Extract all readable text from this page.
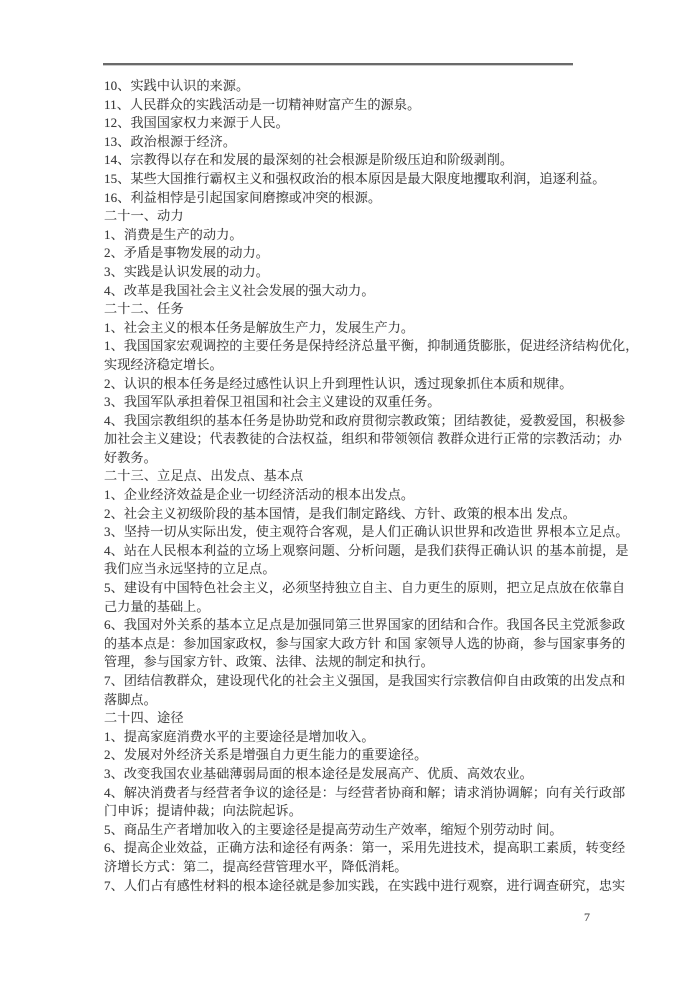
10、实践中认识的来源。
11、人民群众的实践活动是一切精神财富产生的源泉。
12、我国国家权力来源于人民。
13、政治根源于经济。
14、宗教得以存在和发展的最深刻的社会根源是阶级压迫和阶级剥削。
15、某些大国推行霸权主义和强权政治的根本原因是最大限度地攫取利润，追逐利益。
16、利益相悖是引起国家间磨擦或冲突的根源。
二十一、动力
1、消费是生产的动力。
2、矛盾是事物发展的动力。
3、实践是认识发展的动力。
4、改革是我国社会主义社会发展的强大动力。
二十二、任务
1、社会主义的根本任务是解放生产力，发展生产力。
1、我国国家宏观调控的主要任务是保持经济总量平衡，抑制通货膨胀，促进经济结构优化，
实现经济稳定增长。
2、认识的根本任务是经过感性认识上升到理性认识，透过现象抓住本质和规律。
3、我国军队承担着保卫祖国和社会主义建设的双重任务。
4、我国宗教组织的基本任务是协助党和政府贯彻宗教政策；团结教徒，爱教爱国，积极参
加社会主义建设；代表教徒的合法权益，组织和带领领信 教群众进行正常的宗教活动；办
好教务。
二十三、立足点、出发点、基本点
1、企业经济效益是企业一切经济活动的根本出发点。
2、社会主义初级阶段的基本国情，是我们制定路线、方针、政策的根本出 发点。
3、坚持一切从实际出发，使主观符合客观，是人们正确认识世界和改造世 界根本立足点。
4、站在人民根本利益的立场上观察问题、分析问题，是我们获得正确认识 的基本前提，是
我们应当永远坚持的立足点。
5、建设有中国特色社会主义，必须坚持独立自主、自力更生的原则，把立足点放在依靠自
己力量的基础上。
6、我国对外关系的基本立足点是加强同第三世界国家的团结和合作。我国各民主党派参政
的基本点是：参加国家政权，参与国家大政方针 和国 家领导人选的协商，参与国家事务的
管理，参与国家方针、政策、法律、法规的制定和执行。
7、团结信教群众，建设现代化的社会主义强国，是我国实行宗教信仰自由政策的出发点和
落脚点。
二十四、途径
1、提高家庭消费水平的主要途径是增加收入。
2、发展对外经济关系是增强自力更生能力的重要途径。
3、改变我国农业基础薄弱局面的根本途径是发展高产、优质、高效农业。
4、解决消费者与经营者争议的途径是：与经营者协商和解；请求消协调解；向有关行政部
门申诉；提请仲裁；向法院起诉。
5、商品生产者增加收入的主要途径是提高劳动生产效率，缩短个别劳动时 间。
6、提高企业效益，正确方法和途径有两条：第一，采用先进技术，提高职工素质，转变经
济增长方式：第二，提高经营管理水平，降低消耗。
7、人们占有感性材料的根本途径就是参加实践，在实践中进行观察，进行调查研究，忠实
7
